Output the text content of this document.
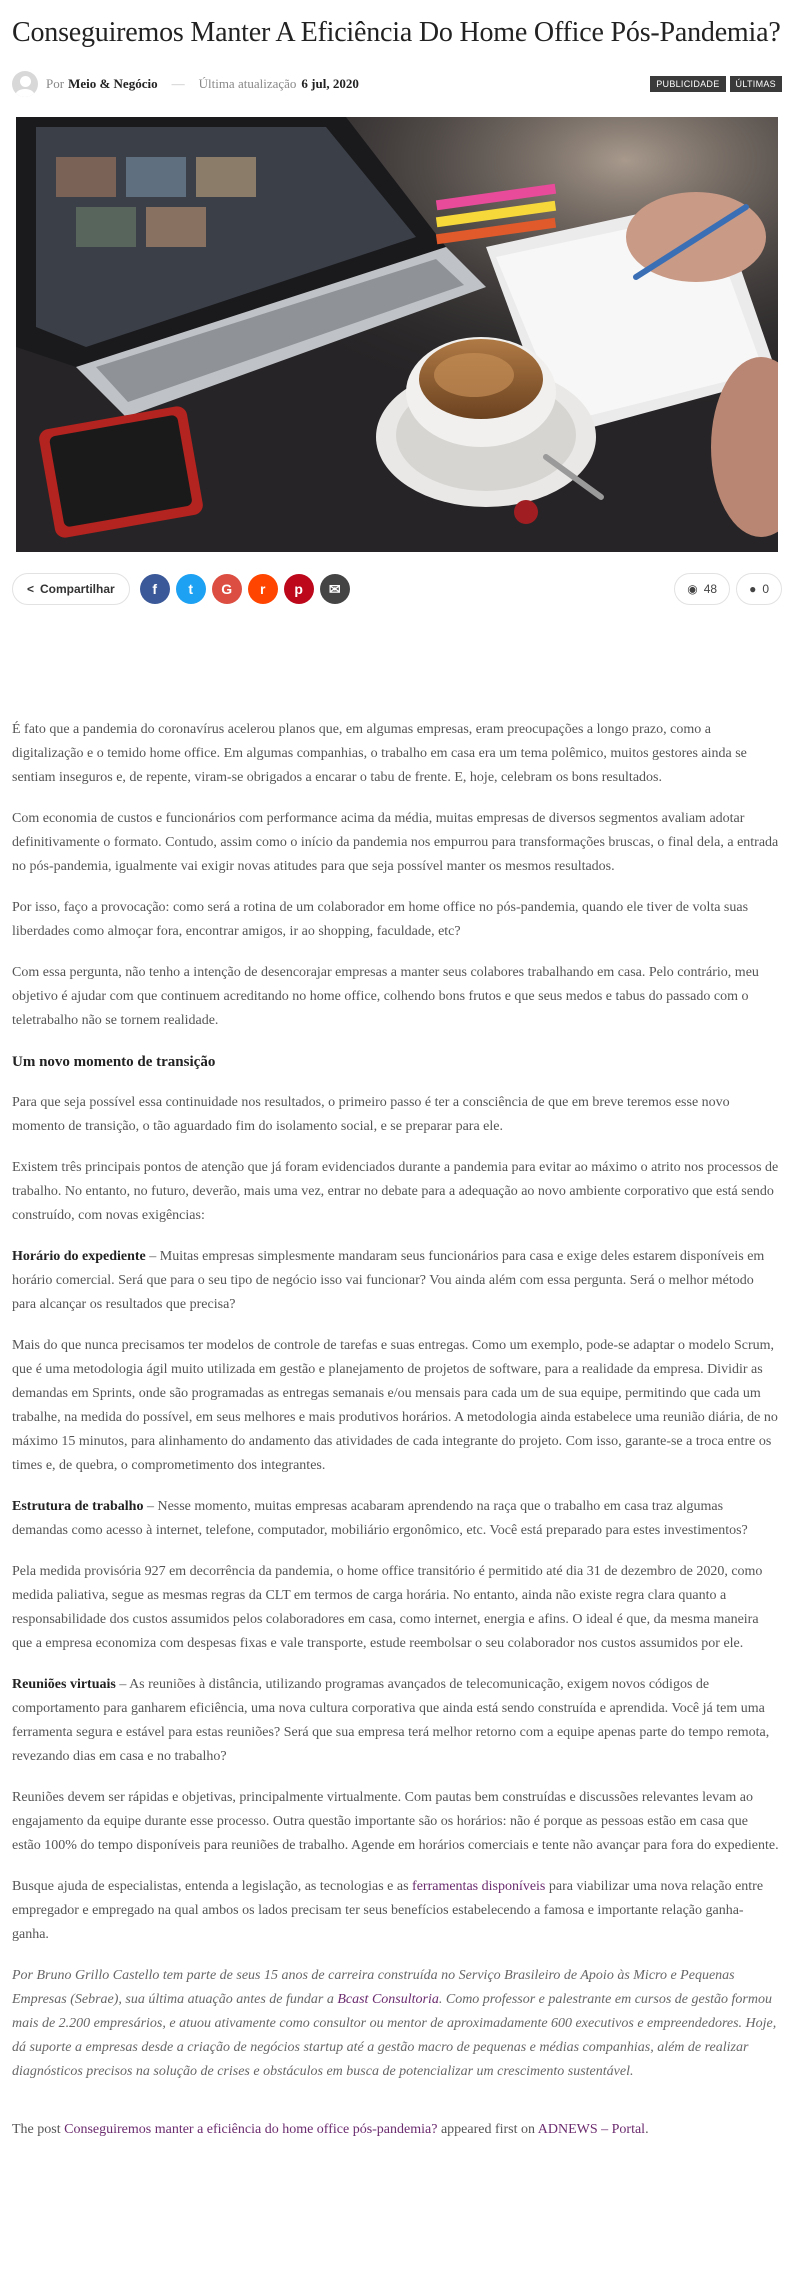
Conseguiremos Manter A Eficiência Do Home Office Pós-Pandemia?
Por Meio & Negócio — Última atualização 6 jul, 2020	PUBLICIDADE	ÚLTIMAS
< Compartilhar	f	t	G	r	p	✉	◉ 48	● 0

É fato que a pandemia do coronavírus acelerou planos que, em algumas empresas, eram preocupações a longo prazo, como a digitalização e o temido home office. Em algumas companhias, o trabalho em casa era um tema polêmico, muitos gestores ainda se sentiam inseguros e, de repente, viram-se obrigados a encarar o tabu de frente. E, hoje, celebram os bons resultados.

Com economia de custos e funcionários com performance acima da média, muitas empresas de diversos segmentos avaliam adotar definitivamente o formato. Contudo, assim como o início da pandemia nos empurrou para transformações bruscas, o final dela, a entrada no pós-pandemia, igualmente vai exigir novas atitudes para que seja possível manter os mesmos resultados.

Por isso, faço a provocação: como será a rotina de um colaborador em home office no pós-pandemia, quando ele tiver de volta suas liberdades como almoçar fora, encontrar amigos, ir ao shopping, faculdade, etc?

Com essa pergunta, não tenho a intenção de desencorajar empresas a manter seus colabores trabalhando em casa. Pelo contrário, meu objetivo é ajudar com que continuem acreditando no home office, colhendo bons frutos e que seus medos e tabus do passado com o teletrabalho não se tornem realidade.

Um novo momento de transição

Para que seja possível essa continuidade nos resultados, o primeiro passo é ter a consciência de que em breve teremos esse novo momento de transição, o tão aguardado fim do isolamento social, e se preparar para ele.

Existem três principais pontos de atenção que já foram evidenciados durante a pandemia para evitar ao máximo o atrito nos processos de trabalho. No entanto, no futuro, deverão, mais uma vez, entrar no debate para a adequação ao novo ambiente corporativo que está sendo construído, com novas exigências:

Horário do expediente – Muitas empresas simplesmente mandaram seus funcionários para casa e exige deles estarem disponíveis em horário comercial. Será que para o seu tipo de negócio isso vai funcionar? Vou ainda além com essa pergunta. Será o melhor método para alcançar os resultados que precisa?

Mais do que nunca precisamos ter modelos de controle de tarefas e suas entregas. Como um exemplo, pode-se adaptar o modelo Scrum, que é uma metodologia ágil muito utilizada em gestão e planejamento de projetos de software, para a realidade da empresa. Dividir as demandas em Sprints, onde são programadas as entregas semanais e/ou mensais para cada um de sua equipe, permitindo que cada um trabalhe, na medida do possível, em seus melhores e mais produtivos horários. A metodologia ainda estabelece uma reunião diária, de no máximo 15 minutos, para alinhamento do andamento das atividades de cada integrante do projeto. Com isso, garante-se a troca entre os times e, de quebra, o comprometimento dos integrantes.

Estrutura de trabalho – Nesse momento, muitas empresas acabaram aprendendo na raça que o trabalho em casa traz algumas demandas como acesso à internet, telefone, computador, mobiliário ergonômico, etc. Você está preparado para estes investimentos?

Pela medida provisória 927 em decorrência da pandemia, o home office transitório é permitido até dia 31 de dezembro de 2020, como medida paliativa, segue as mesmas regras da CLT em termos de carga horária. No entanto, ainda não existe regra clara quanto a responsabilidade dos custos assumidos pelos colaboradores em casa, como internet, energia e afins. O ideal é que, da mesma maneira que a empresa economiza com despesas fixas e vale transporte, estude reembolsar o seu colaborador nos custos assumidos por ele.

Reuniões virtuais – As reuniões à distância, utilizando programas avançados de telecomunicação, exigem novos códigos de comportamento para ganharem eficiência, uma nova cultura corporativa que ainda está sendo construída e aprendida. Você já tem uma ferramenta segura e estável para estas reuniões? Será que sua empresa terá melhor retorno com a equipe apenas parte do tempo remota, revezando dias em casa e no trabalho?

Reuniões devem ser rápidas e objetivas, principalmente virtualmente. Com pautas bem construídas e discussões relevantes levam ao engajamento da equipe durante esse processo. Outra questão importante são os horários: não é porque as pessoas estão em casa que estão 100% do tempo disponíveis para reuniões de trabalho. Agende em horários comerciais e tente não avançar para fora do expediente.

Busque ajuda de especialistas, entenda a legislação, as tecnologias e as ferramentas disponíveis para viabilizar uma nova relação entre empregador e empregado na qual ambos os lados precisam ter seus benefícios estabelecendo a famosa e importante relação ganha-ganha.

Por Bruno Grillo Castello tem parte de seus 15 anos de carreira construída no Serviço Brasileiro de Apoio às Micro e Pequenas Empresas (Sebrae), sua última atuação antes de fundar a Bcast Consultoria. Como professor e palestrante em cursos de gestão formou mais de 2.200 empresários, e atuou ativamente como consultor ou mentor de aproximadamente 600 executivos e empreendedores. Hoje, dá suporte a empresas desde a criação de negócios startup até a gestão macro de pequenas e médias companhias, além de realizar diagnósticos precisos na solução de crises e obstáculos em busca de potencializar um crescimento sustentável.

The post Conseguiremos manter a eficiência do home office pós-pandemia? appeared first on ADNEWS – Portal.
